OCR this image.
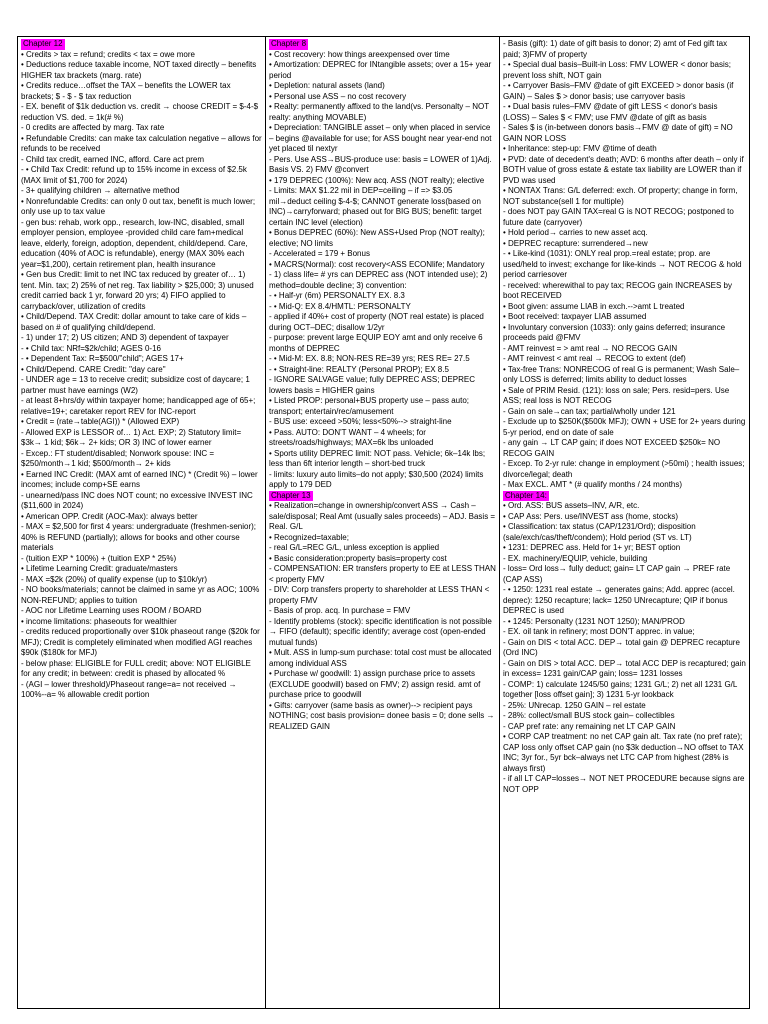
Chapter 12
• Credits > tax = refund; credits < tax = owe more
• Deductions reduce taxable income, NOT taxed directly – benefits HIGHER tax brackets (marg. rate)
• Credits reduce…offset the TAX – benefits the LOWER tax brackets; $ - $ - $ tax reduction
- EX. benefit of $1k deduction vs. credit → choose CREDIT = $-4-$ reduction VS. ded. = 1k(# %)
- 0 credits are affected by marg. Tax rate
• Refundable Credits: can make tax calculation negative – allows for refunds to be received
- Child tax credit, earned INC, afford. Care act prem
- • Child Tax Credit: refund up to 15% income in excess of $2.5k (MAX limit of $1,700 for 2024)
- 3+ qualifying children → alternative method
• Nonrefundable Credits: can only 0 out tax, benefit is much lower; only use up to tax value
- gen bus: rehab, work opp., research, low-INC, disabled, small employer pension, employee -provided child care fam+medical leave, elderly, foreign, adoption, dependent, child/depend. Care, education (40% of AOC is refundable), energy (MAX 30% each year=$1,200), certain retirement plan, health insurance
• Gen bus Credit: limit to net INC tax reduced by greater of… 1) tent. Min. tax; 2) 25% of net reg. Tax liability > $25,000; 3) unused credit carried back 1 yr, forward 20 yrs; 4) FIFO applied to carryback/over, utilization of credits
• Child/Depend. TAX Credit: dollar amount to take care of kids – based on # of qualifying child/depend.
- 1) under 17; 2) US citizen; AND 3) dependent of taxpayer
- • Child tax: NRf=$2k/child; AGES 0-16
- • Dependent Tax: R=$500/"child"; AGES 17+
• Child/Depend. CARE Credit: "day care"
- UNDER age = 13 to receive credit; subsidize cost of daycare; 1 partner must have earnings (W2)
- at least 8+hrs/dy within taxpayer home; handicapped age of 65+; relative=19+; caretaker report REV for INC-report
• Credit = (rate→table(AGI)) * (Allowed EXP)
- Allowed EXP is LESSOR of… 1) Act. EXP; 2) Statutory limit= $3k→ 1 kid; $6k→ 2+ kids; OR 3) INC of lower earner
- Excep.: FT student/disabled; Nonwork spouse: INC = $250/month→1 kid; $500/month→ 2+ kids
• Earned INC Credit: (MAX amt of earned INC) * (Credit %) – lower incomes; include comp+SE earns
- unearned/pass INC does NOT count; no excessive INVEST INC ($11,600 in 2024)
• American OPP. Credit (AOC-Max): always better
- MAX = $2,500 for first 4 years: undergraduate (freshmen-senior); 40% is REFUND (partially); allows for books and other course materials
- (tuition EXP * 100%) + (tuition EXP * 25%)
• Lifetime Learning Credit: graduate/masters
- MAX =$2k (20%) of qualify expense (up to $10k/yr)
- NO books/materials; cannot be claimed in same yr as AOC; 100% NON-REFUND; applies to tuition
- AOC nor Lifetime Learning uses ROOM / BOARD
• income limitations: phaseouts for wealthier
- credits reduced proportionally over $10k phaseout range ($20k for MFJ); Credit is completely eliminated when modified AGI reaches $90k ($180k for MFJ)
- below phase: ELIGIBLE for FULL credit; above: NOT ELIGIBLE for any credit; in between: credit is phased by allocated %
- (AGI – lower threshold)/Phaseout range=a= not received → 100%--a= % allowable credit portion
Chapter 8
• Cost recovery: how things areexpensed over time
• Amortization: DEPREC for INtangible assets; over a 15+ year period
• Depletion: natural assets (land)
• Personal use ASS – no cost recovery
• Realty: permanently affixed to the land(vs. Personalty – NOT realty: anything MOVABLE)
• Depreciation: TANGIBLE asset – only when placed in service – begins @available for use; for ASS bought near year-end not yet placed til nextyr
- Pers. Use ASS→BUS-produce use: basis = LOWER of 1)Adj. Basis VS. 2) FMV @convert
• 179 DEPREC (100%): New acq. ASS (NOT realty); elective
- Limits: MAX $1.22 mil in DEP=ceiling – if => $3.05 mil→deduct ceiling $-4-$; CANNOT generate loss(based on INC)→carryforward; phased out for BIG BUS; benefit: target certain INC level (election)
• Bonus DEPREC (60%): New ASS+Used Prop (NOT realty); elective; NO limits
- Accelerated = 179 + Bonus
• MACRS(Normal): cost recovery<ASS ECONlife; Mandatory
- 1) class life= # yrs can DEPREC ass (NOT intended use); 2) method=double decline; 3) convention:
- • Half-yr (6m) PERSONALTY EX. 8.3
- • Mid-Q: EX 8.4/HMTL: PERSONALTY
- applied if 40%+ cost of property (NOT real estate) is placed during OCT–DEC; disallow 1/2yr
- purpose: prevent large EQUIP EOY amt and only receive 6 months of DEPREC
- • Mid-M: EX. 8.8; NON-RES RE=39 yrs; RES RE= 27.5
- • Straight-line: REALTY (Personal PROP); EX 8.5
- IGNORE SALVAGE value; fully DEPREC ASS; DEPREC lowers basis = HIGHER gains
• Listed PROP: personal+BUS property use – pass auto; transport; entertain/rec/amusement
- BUS use: exceed >50%; less<50%--> straight-line
• Pass. AUTO: DON'T WANT – 4 wheels; for streets/roads/highways; MAX=6k lbs unloaded
• Sports utility DEPREC limit: NOT pass. Vehicle; 6k–14k lbs; less than 6ft interior length – short-bed truck
- limits: luxury auto limits–do not apply; $30,500 (2024) limits apply to 179 DED
Chapter 13
• Realization=change in ownership/convert ASS → Cash – sale/disposal; Real Amt (usually sales proceeds) – ADJ. Basis = Real. G/L
• Recognized=taxable;
- real G/L=REC G/L, unless exception is applied
• Basic consideration:property basis=property cost
- COMPENSATION: ER transfers property to EE at LESS THAN < property FMV
- DIV: Corp transfers property to shareholder at LESS THAN < property FMV
- Basis of prop. acq. In purchase = FMV
- Identify problems (stock): specific identification is not possible → FIFO (default); specific identify; average cost (open-ended mutual funds)
• Mult. ASS in lump-sum purchase: total cost must be allocated among individual ASS
• Purchase w/ goodwill: 1) assign purchase price to assets (EXCLUDE goodwill) based on FMV; 2) assign resid. amt of purchase price to goodwill
• Gifts: carryover (same basis as owner)--> recipient pays NOTHING; cost basis provision= donee basis = 0; done sells → REALIZED GAIN
- Basis (gift): 1) date of gift basis to donor; 2) amt of Fed gift tax paid; 3)FMV of property
- • Special dual basis–Built-in Loss: FMV LOWER < donor basis; prevent loss shift, NOT gain
- • Carryover Basis–FMV @date of gift EXCEED > donor basis (if GAIN) – Sales $ > donor basis; use carryover basis
- • Dual basis rules–FMV @date of gift LESS < donor's basis (LOSS) – Sales $ < FMV; use FMV @date of gift as basis
- Sales $ is (in-between donors basis→FMV @ date of gift) = NO GAIN NOR LOSS
• Inheritance: step-up: FMV @time of death
• PVD: date of decedent's death; AVD: 6 months after death – only if BOTH value of gross estate & estate tax liability are LOWER than if PVD was used
• NONTAX Trans: G/L deferred: exch. Of property; change in form, NOT substance(sell 1 for multiple)
- does NOT pay GAIN TAX=real G is NOT RECOG; postponed to future date (carryover)
• Hold period→ carries to new asset acq.
• DEPREC recapture: surrendered→new
- • Like-kind (1031): ONLY real prop.=real estate; prop. are used/held to invest; exchange for like-kinds → NOT RECOG & hold period carriesover
- received: wherewithal to pay tax; RECOG gain INCREASES by boot RECEIVED
• Boot given: assume LIAB in exch.-->amt L treated
• Boot received: taxpayer LIAB assumed
• Involuntary conversion (1033): only gains deferred; insurance proceeds paid @FMV
- AMT reinvest = > amt real → NO RECOG GAIN
- AMT reinvest < amt real → RECOG to extent (def)
• Tax-free Trans: NONRECOG of real G is permanent; Wash Sale– only LOSS is deferred; limits ability to deduct losses
• Sale of PRIM Resid. (121): loss on sale; Pers. resid=pers. Use ASS; real loss is NOT RECOG
- Gain on sale→can tax; partial/wholly under 121
- Exclude up to $250K($500k MFJ); OWN + USE for 2+ years during 5-yr period, end on date of sale
- any gain → LT CAP gain; if does NOT EXCEED $250k= NO RECOG GAIN
- Excep. To 2-yr rule: change in employment (>50mi) ; health issues; divorce/legal; death
- Max EXCL. AMT * (# qualify months / 24 months)
Chapter 14:
• Ord. ASS: BUS assets–INV, A/R, etc.
• CAP Ass: Pers. use/INVEST ass (home, stocks)
• Classification: tax status (CAP/1231/Ord); disposition (sale/exch/cas/theft/condem); Hold period (ST vs. LT)
• 1231: DEPREC ass. Held for 1+ yr; BEST option
- EX. machinery/EQUIP, vehicle, building
- loss= Ord loss→ fully deduct; gain= LT CAP gain → PREF rate (CAP ASS)
- • 1250: 1231 real estate → generates gains; Add. apprec (accel. deprec): 1250 recapture; lack= 1250 UNrecapture; QIP if bonus DEPREC is used
- • 1245: Personalty (1231 NOT 1250); MAN/PROD
- EX. oil tank in refinery; most DON'T apprec. in value;
- Gain on DIS < total ACC. DEP→ total gain @ DEPREC recapture (Ord INC)
- Gain on DIS > total ACC. DEP→ total ACC DEP is recaptured; gain in excess= 1231 gain/CAP gain; loss= 1231 losses
- COMP: 1) calculate 1245/50 gains; 1231 G/L; 2) net all 1231 G/L together [loss offset gain]; 3) 1231 5-yr lookback
- 25%: UNrecap. 1250 GAIN – rel estate
- 28%: collect/small BUS stock gain– collectibles
- CAP pref rate: any remaining net LT CAP GAIN
• CORP CAP treatment: no net CAP gain alt. Tax rate (no pref rate); CAP loss only offset CAP gain (no $3k deduction→NO offset to TAX INC; 3yr for., 5yr bck–always net LTC CAP from highest (28% is always first)
- if all LT CAP=losses→ NOT NET PROCEDURE because signs are NOT OPP
